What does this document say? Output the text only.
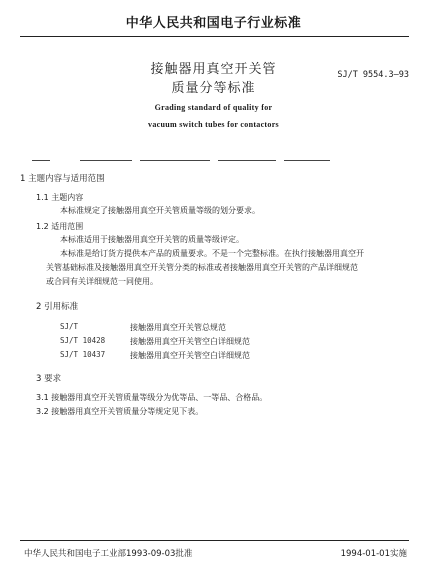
中华人民共和国电子行业标准
接触器用真空开关管
质量分等标准
SJ/T 9554.3—93
Grading standard of quality for
vacuum switch tubes for contactors
1 主题内容与适用范围
1.1 主题内容
本标准规定了接触器用真空开关管质量等级的划分要求。
1.2 适用范围
本标准适用于接触器用真空开关管的质量等级评定。
本标准是给订货方提供本产品的质量要求。不是一个完整标准。在执行接触器用真空开
关管基础标准及接触器用真空开关管分类的标准或者接触器用真空开关管的产品详细规范
或合同有关详细规范一同使用。
2 引用标准
SJ/T	接触器用真空开关管总规范
SJ/T 10428	接触器用真空开关管空白详细规范
SJ/T 10437	接触器用真空开关管空白详细规范
3 要求
3.1 接触器用真空开关管质量等级分为优等品、一等品、合格品。
3.2 接触器用真空开关管质量分等规定见下表。
中华人民共和国电子工业部1993-09-03批准	1994-01-01实施
